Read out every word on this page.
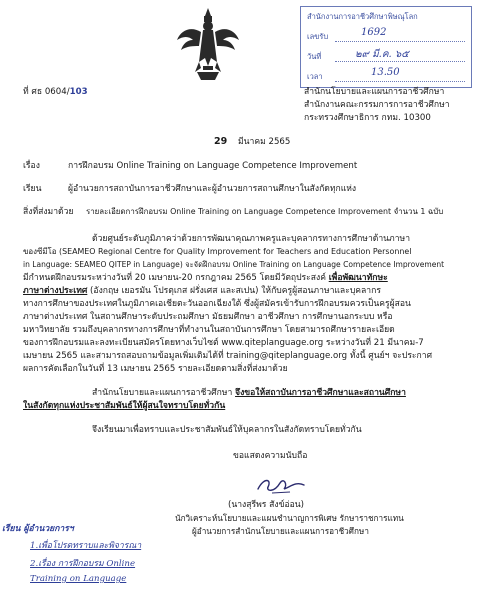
สำนักงานการอาชีวศึกษาพิษณุโลก
เลขรับ	1692
วันที่	๒๙ มี.ค. ๖๕
เวลา	13.50
ที่ ศธ 0604/103	สำนักนโยบายและแผนการอาชีวศึกษา
สำนักงานคณะกรรมการการอาชีวศึกษา
กระทรวงศึกษาธิการ กทม. 10300
29 มีนาคม 2565
เรื่อง	การฝึกอบรม Online Training on Language Competence Improvement
เรียน	ผู้อำนวยการสถาบันการอาชีวศึกษาและผู้อำนวยการสถานศึกษาในสังกัดทุกแห่ง
สิ่งที่ส่งมาด้วย รายละเอียดการฝึกอบรม Online Training on Language Competence Improvement จำนวน 1 ฉบับ
ด้วยศูนย์ระดับภูมิภาคว่าด้วยการพัฒนาคุณภาพครูและบุคลากรทางการศึกษาด้านภาษา
ของซีมีโอ (SEAMEO Regional Centre for Quality Improvement for Teachers and Education Personnel
in Language: SEAMEO QITEP in Language) จะจัดฝึกอบรม Online Training on Language Competence Improvement
มีกำหนดฝึกอบรมระหว่างวันที่ 20 เมษายน-20 กรกฎาคม 2565 โดยมีวัตถุประสงค์ เพื่อพัฒนาทักษะ
ภาษาต่างประเทศ (อังกฤษ เยอรมัน โปรตุเกส ฝรั่งเศส และสเปน) ให้กับครูผู้สอนภาษาและบุคลากร
ทางการศึกษาของประเทศในภูมิภาคเอเชียตะวันออกเฉียงใต้ ซึ่งผู้สมัครเข้ารับการฝึกอบรมควรเป็นครูผู้สอน
ภาษาต่างประเทศ ในสถานศึกษาระดับประถมศึกษา มัธยมศึกษา อาชีวศึกษา การศึกษานอกระบบ หรือ
มหาวิทยาลัย รวมถึงบุคลากรทางการศึกษาที่ทำงานในสถาบันการศึกษา โดยสามารถศึกษารายละเอียด
ของการฝึกอบรมและลงทะเบียนสมัครโดยทางเว็บไซต์ www.qiteplanguage.org ระหว่างวันที่ 21 มีนาคม-7
เมษายน 2565 และสามารถสอบถามข้อมูลเพิ่มเติมได้ที่ training@qiteplanguage.org ทั้งนี้ ศูนย์ฯ จะประกาศ
ผลการคัดเลือกในวันที่ 13 เมษายน 2565 รายละเอียดตามสิ่งที่ส่งมาด้วย
สำนักนโยบายและแผนการอาชีวศึกษา จึงขอให้สถาบันการอาชีวศึกษาและสถานศึกษา
ในสังกัดทุกแห่งประชาสัมพันธ์ให้ผู้สนใจทราบโดยทั่วกัน
จึงเรียนมาเพื่อทราบและประชาสัมพันธ์ให้บุคลากรในสังกัดทราบโดยทั่วกัน
ขอแสดงความนับถือ
(นางสุรีพร สังข์อ่อน)
นักวิเคราะห์นโยบายและแผนชำนาญการพิเศษ รักษาราชการแทน
ผู้อำนวยการสำนักนโยบายและแผนการอาชีวศึกษา
เรียน ผู้อำนวยการฯ
1.เพื่อโปรดทราบและพิจารณา
2.เรื่อง การฝึกอบรม Online
Training on Language
